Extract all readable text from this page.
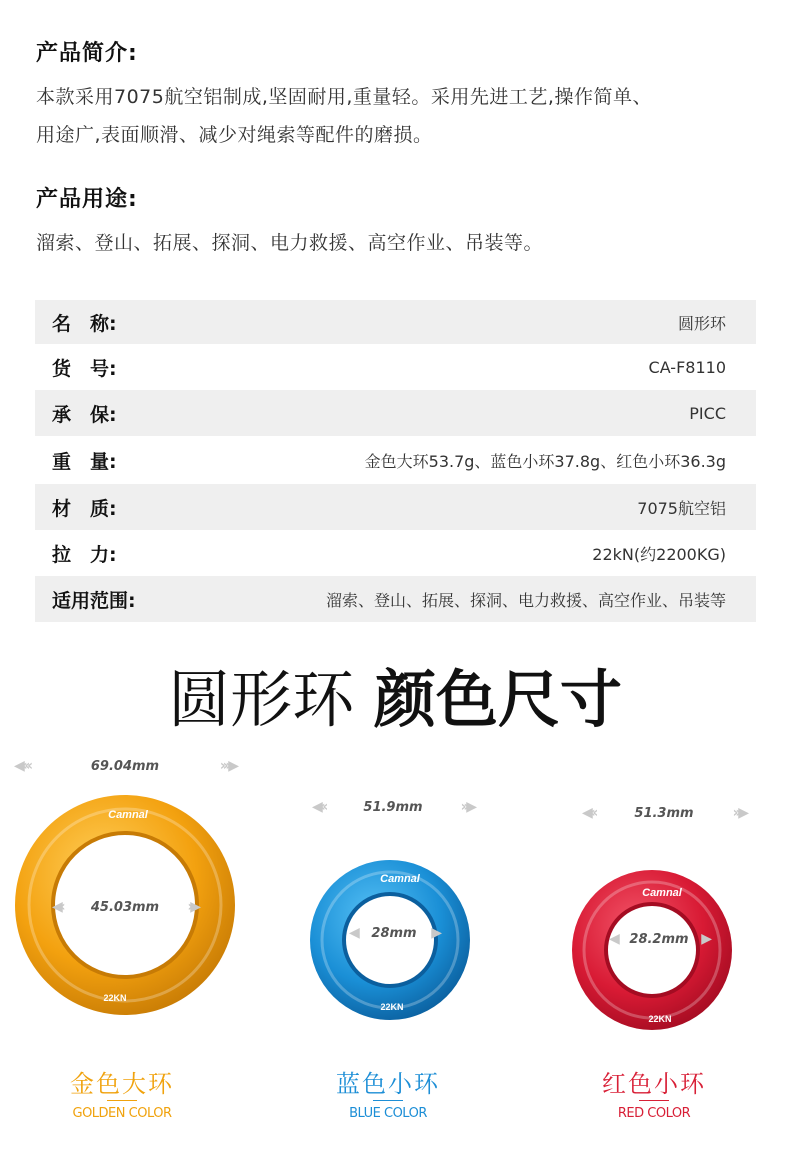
产品简介:
本款采用7075航空铝制成,坚固耐用,重量轻。采用先进工艺,操作简单、
用途广,表面顺滑、减少对绳索等配件的磨损。
产品用途:
溜索、登山、拓展、探洞、电力救援、高空作业、吊装等。
名　称:	圆形环
货　号:	CA-F8110
承　保:	PICC
重　量:	金色大环53.7g、蓝色小环37.8g、红色小环36.3g
材　质:	7075航空铝
拉　力:	22kN(约2200KG)
适用范围:	溜索、登山、拓展、探洞、电力救援、高空作业、吊装等
圆形环 颜色尺寸
Camnal
22KN
Camnal
22KN
Camnal
22KN
◀‹‹‹	69.04mm	›››▶
◀‹‹	51.9mm	››▶	◀‹‹	51.3mm	››▶
◀‹ 45.03mm ›▶
◀ 28mm ▶	◀ 28.2mm ▶
金色大环
GOLDEN COLOR
蓝色小环
BLUE COLOR
红色小环
RED COLOR
